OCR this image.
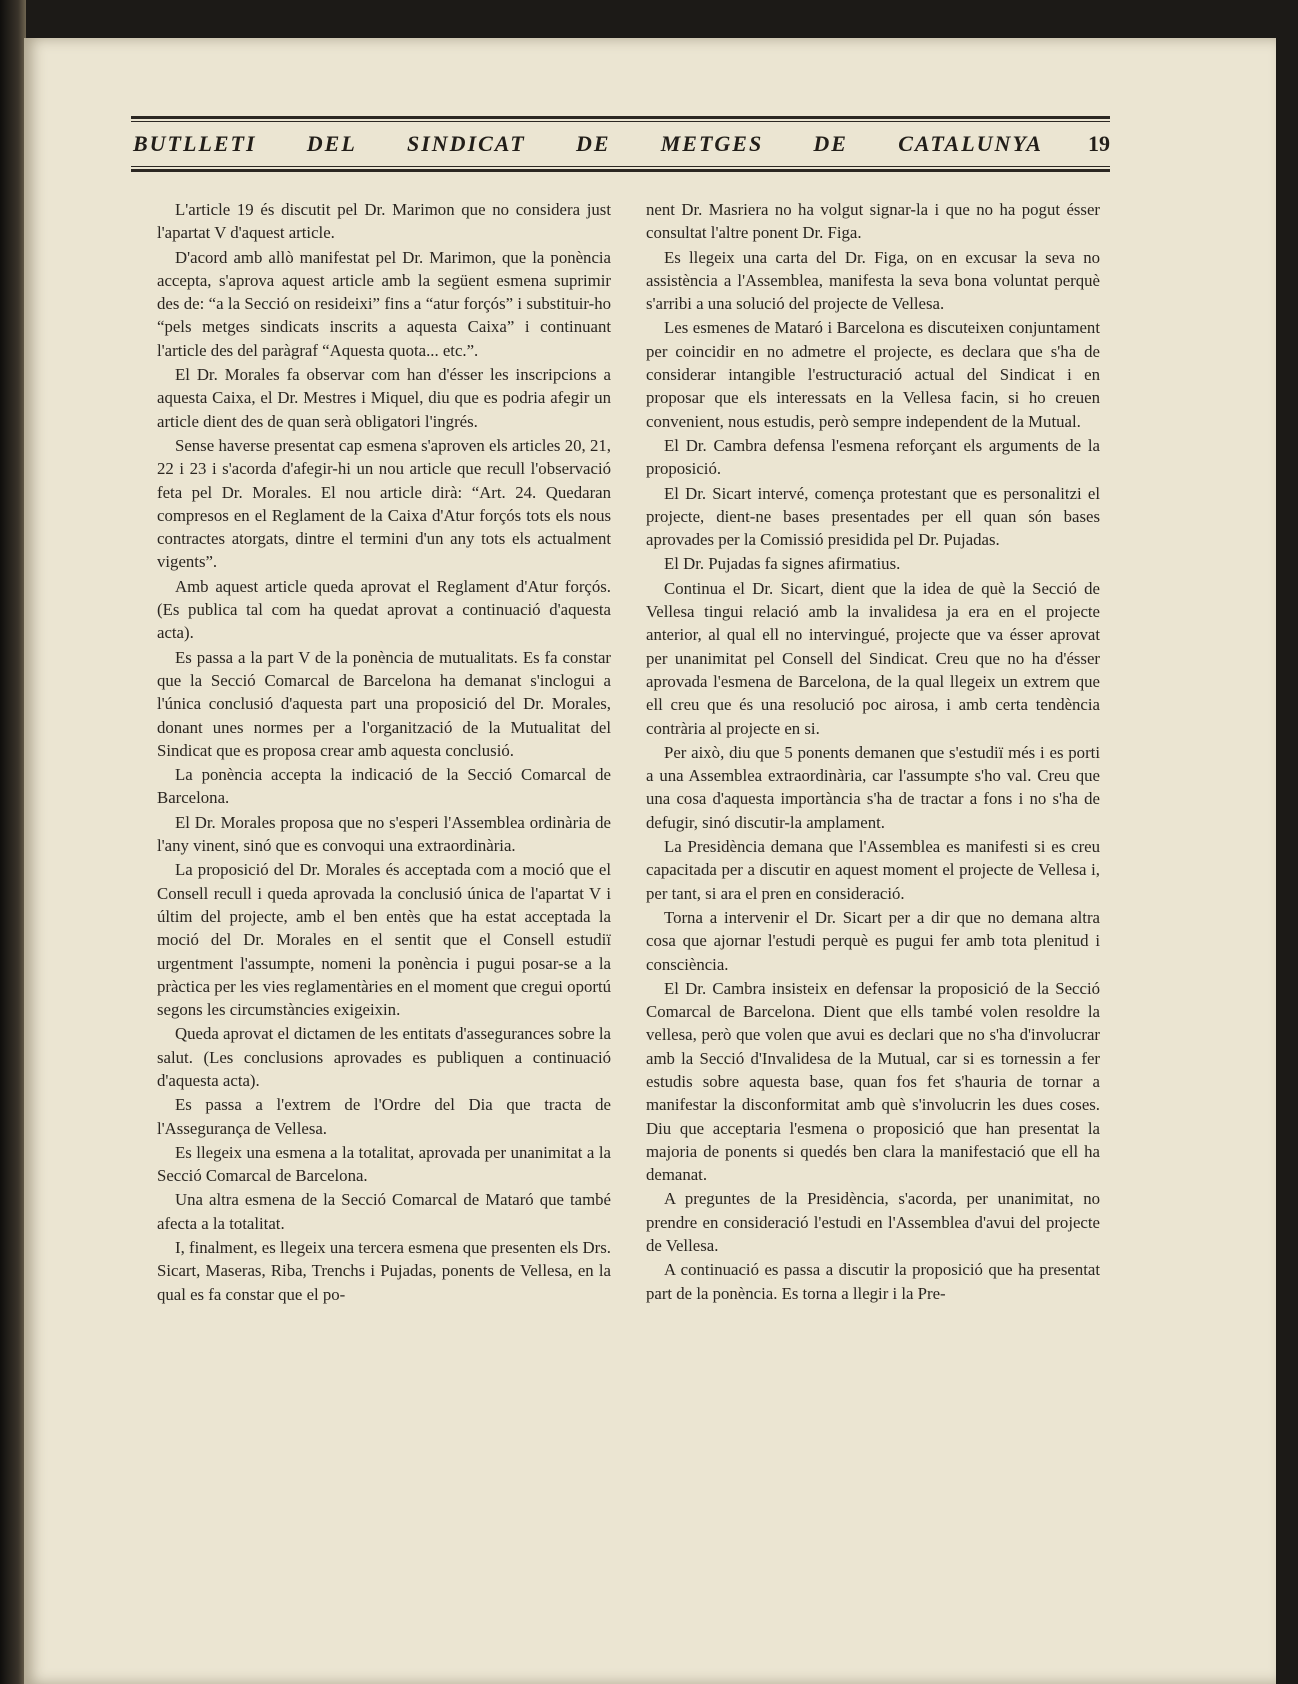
BUTLLETI DEL SINDICAT DE METGES DE CATALUNYA 19

L'article 19 és discutit pel Dr. Marimon que no considera just l'apartat V d'aquest article.

D'acord amb allò manifestat pel Dr. Marimon, que la ponència accepta, s'aprova aquest article amb la següent esmena suprimir des de: “a la Secció on resideixi” fins a “atur forçós” i substituir-ho “pels metges sindicats inscrits a aquesta Caixa” i continuant l'article des del paràgraf “Aquesta quota... etc.”.

El Dr. Morales fa observar com han d'ésser les inscripcions a aquesta Caixa, el Dr. Mestres i Miquel, diu que es podria afegir un article dient des de quan serà obligatori l'ingrés.

Sense haverse presentat cap esmena s'aproven els articles 20, 21, 22 i 23 i s'acorda d'afegir-hi un nou article que recull l'observació feta pel Dr. Morales. El nou article dirà: “Art. 24. Quedaran compresos en el Reglament de la Caixa d'Atur forçós tots els nous contractes atorgats, dintre el termini d'un any tots els actualment vigents”.

Amb aquest article queda aprovat el Reglament d'Atur forçós. (Es publica tal com ha quedat aprovat a continuació d'aquesta acta).

Es passa a la part V de la ponència de mutualitats. Es fa constar que la Secció Comarcal de Barcelona ha demanat s'inclogui a l'única conclusió d'aquesta part una proposició del Dr. Morales, donant unes normes per a l'organització de la Mutualitat del Sindicat que es proposa crear amb aquesta conclusió.

La ponència accepta la indicació de la Secció Comarcal de Barcelona.

El Dr. Morales proposa que no s'esperi l'Assemblea ordinària de l'any vinent, sinó que es convoqui una extraordinària.

La proposició del Dr. Morales és acceptada com a moció que el Consell recull i queda aprovada la conclusió única de l'apartat V i últim del projecte, amb el ben entès que ha estat acceptada la moció del Dr. Morales en el sentit que el Consell estudiï urgentment l'assumpte, nomeni la ponència i pugui posar-se a la pràctica per les vies reglamentàries en el moment que cregui oportú segons les circumstàncies exigeixin.

Queda aprovat el dictamen de les entitats d'assegurances sobre la salut. (Les conclusions aprovades es publiquen a continuació d'aquesta acta).

Es passa a l'extrem de l'Ordre del Dia que tracta de l'Assegurança de Vellesa.

Es llegeix una esmena a la totalitat, aprovada per unanimitat a la Secció Comarcal de Barcelona.

Una altra esmena de la Secció Comarcal de Mataró que també afecta a la totalitat.

I, finalment, es llegeix una tercera esmena que presenten els Drs. Sicart, Maseras, Riba, Trenchs i Pujadas, ponents de Vellesa, en la qual es fa constar que el po-

nent Dr. Masriera no ha volgut signar-la i que no ha pogut ésser consultat l'altre ponent Dr. Figa.

Es llegeix una carta del Dr. Figa, on en excusar la seva no assistència a l'Assemblea, manifesta la seva bona voluntat perquè s'arribi a una solució del projecte de Vellesa.

Les esmenes de Mataró i Barcelona es discuteixen conjuntament per coincidir en no admetre el projecte, es declara que s'ha de considerar intangible l'estructuració actual del Sindicat i en proposar que els interessats en la Vellesa facin, si ho creuen convenient, nous estudis, però sempre independent de la Mutual.

El Dr. Cambra defensa l'esmena reforçant els arguments de la proposició.

El Dr. Sicart intervé, comença protestant que es personalitzi el projecte, dient-ne bases presentades per ell quan són bases aprovades per la Comissió presidida pel Dr. Pujadas.

El Dr. Pujadas fa signes afirmatius.

Continua el Dr. Sicart, dient que la idea de què la Secció de Vellesa tingui relació amb la invalidesa ja era en el projecte anterior, al qual ell no intervingué, projecte que va ésser aprovat per unanimitat pel Consell del Sindicat. Creu que no ha d'ésser aprovada l'esmena de Barcelona, de la qual llegeix un extrem que ell creu que és una resolució poc airosa, i amb certa tendència contrària al projecte en si.

Per això, diu que 5 ponents demanen que s'estudiï més i es porti a una Assemblea extraordinària, car l'assumpte s'ho val. Creu que una cosa d'aquesta importància s'ha de tractar a fons i no s'ha de defugir, sinó discutir-la amplament.

La Presidència demana que l'Assemblea es manifesti si es creu capacitada per a discutir en aquest moment el projecte de Vellesa i, per tant, si ara el pren en consideració.

Torna a intervenir el Dr. Sicart per a dir que no demana altra cosa que ajornar l'estudi perquè es pugui fer amb tota plenitud i consciència.

El Dr. Cambra insisteix en defensar la proposició de la Secció Comarcal de Barcelona. Dient que ells també volen resoldre la vellesa, però que volen que avui es declari que no s'ha d'involucrar amb la Secció d'Invalidesa de la Mutual, car si es tornessin a fer estudis sobre aquesta base, quan fos fet s'hauria de tornar a manifestar la disconformitat amb què s'involucrin les dues coses. Diu que acceptaria l'esmena o proposició que han presentat la majoria de ponents si quedés ben clara la manifestació que ell ha demanat.

A preguntes de la Presidència, s'acorda, per unanimitat, no prendre en consideració l'estudi en l'Assemblea d'avui del projecte de Vellesa.

A continuació es passa a discutir la proposició que ha presentat part de la ponència. Es torna a llegir i la Pre-
